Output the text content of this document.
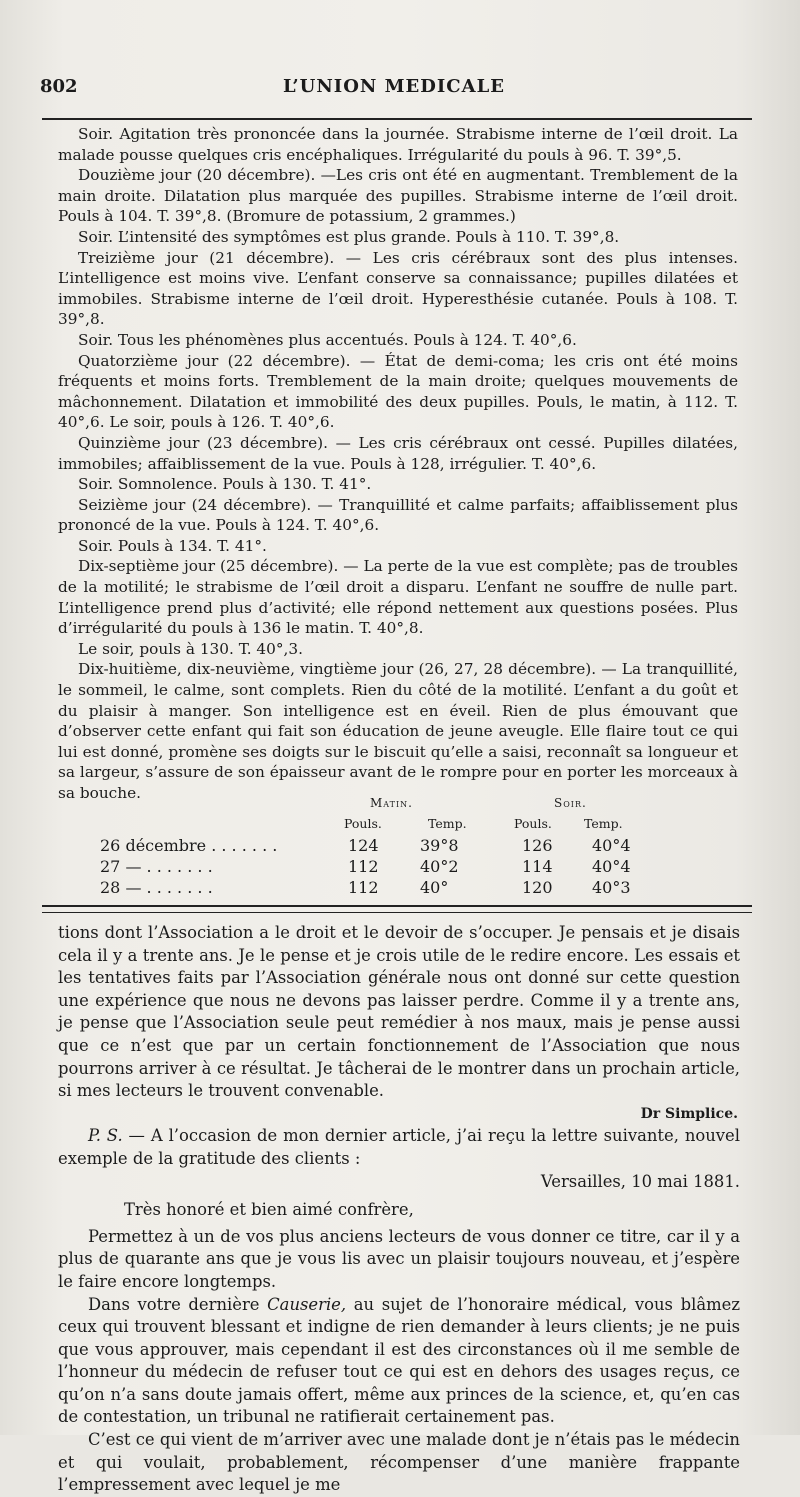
802	L’UNION MEDICALE

Soir. Agitation très prononcée dans la journée. Strabisme interne de l’œil droit. La malade pousse quelques cris encéphaliques. Irrégularité du pouls à 96. T. 39°,5.

Douzième jour (20 décembre). —Les cris ont été en augmentant. Tremblement de la main droite. Dilatation plus marquée des pupilles. Strabisme interne de l’œil droit. Pouls à 104. T. 39°,8. (Bromure de potassium, 2 grammes.)

Soir. L’intensité des symptômes est plus grande. Pouls à 110. T. 39°,8.

Treizième jour (21 décembre). — Les cris cérébraux sont des plus intenses. L’intelligence est moins vive. L’enfant conserve sa connaissance; pupilles dilatées et immobiles. Strabisme interne de l’œil droit. Hyperesthésie cutanée. Pouls à 108. T. 39°,8.

Soir. Tous les phénomènes plus accentués. Pouls à 124. T. 40°,6.

Quatorzième jour (22 décembre). — État de demi-coma; les cris ont été moins fréquents et moins forts. Tremblement de la main droite; quelques mouvements de mâchonnement. Dilatation et immobilité des deux pupilles. Pouls, le matin, à 112. T. 40°,6. Le soir, pouls à 126. T. 40°,6.

Quinzième jour (23 décembre). — Les cris cérébraux ont cessé. Pupilles dilatées, immobiles; affaiblissement de la vue. Pouls à 128, irrégulier. T. 40°,6.

Soir. Somnolence. Pouls à 130. T. 41°.

Seizième jour (24 décembre). — Tranquillité et calme parfaits; affaiblissement plus prononcé de la vue. Pouls à 124. T. 40°,6.

Soir. Pouls à 134. T. 41°.

Dix-septième jour (25 décembre). — La perte de la vue est complète; pas de troubles de la motilité; le strabisme de l’œil droit a disparu. L’enfant ne souffre de nulle part. L’intelligence prend plus d’activité; elle répond nettement aux questions posées. Plus d’irrégularité du pouls à 136 le matin. T. 40°,8.

Le soir, pouls à 130. T. 40°,3.

Dix-huitième, dix-neuvième, vingtième jour (26, 27, 28 décembre). — La tranquillité, le sommeil, le calme, sont complets. Rien du côté de la motilité. L’enfant a du goût et du plaisir à manger. Son intelligence est en éveil. Rien de plus émouvant que d’observer cette enfant qui fait son éducation de jeune aveugle. Elle flaire tout ce qui lui est donné, promène ses doigts sur le biscuit qu’elle a saisi, reconnaît sa longueur et sa largeur, s’assure de son épaisseur avant de le rompre pour en porter les morceaux à sa bouche.

Matin.	Soir.
Pouls.	Temp.	Pouls.	Temp.
26 décembre . . . . . . .	124	39°8	126 40°4
27 — . . . . . . .	112	40°2	114 40°4
28 — . . . . . . .	112	40°	120 40°3

tions dont l’Association a le droit et le devoir de s’occuper. Je pensais et je disais cela il y a trente ans. Je le pense et je crois utile de le redire encore. Les essais et les tentatives faits par l’Association générale nous ont donné sur cette question une expérience que nous ne devons pas laisser perdre. Comme il y a trente ans, je pense que l’Association seule peut remédier à nos maux, mais je pense aussi que ce n’est que par un certain fonctionnement de l’Association que nous pourrons arriver à ce résultat. Je tâcherai de le montrer dans un prochain article, si mes lecteurs le trouvent convenable.

Dr Simplice.

P. S. — A l’occasion de mon dernier article, j’ai reçu la lettre suivante, nouvel exemple de la gratitude des clients :

Versailles, 10 mai 1881.

Très honoré et bien aimé confrère,

Permettez à un de vos plus anciens lecteurs de vous donner ce titre, car il y a plus de quarante ans que je vous lis avec un plaisir toujours nouveau, et j’espère le faire encore longtemps.

Dans votre dernière Causerie, au sujet de l’honoraire médical, vous blâmez ceux qui trouvent blessant et indigne de rien demander à leurs clients; je ne puis que vous approuver, mais cependant il est des circonstances où il me semble de l’honneur du médecin de refuser tout ce qui est en dehors des usages reçus, ce qu’on n’a sans doute jamais offert, même aux princes de la science, et, qu’en cas de contestation, un tribunal ne ratifierait certainement pas.

C’est ce qui vient de m’arriver avec une malade dont je n’étais pas le médecin et qui voulait, probablement, récompenser d’une manière frappante l’empressement avec lequel je me
